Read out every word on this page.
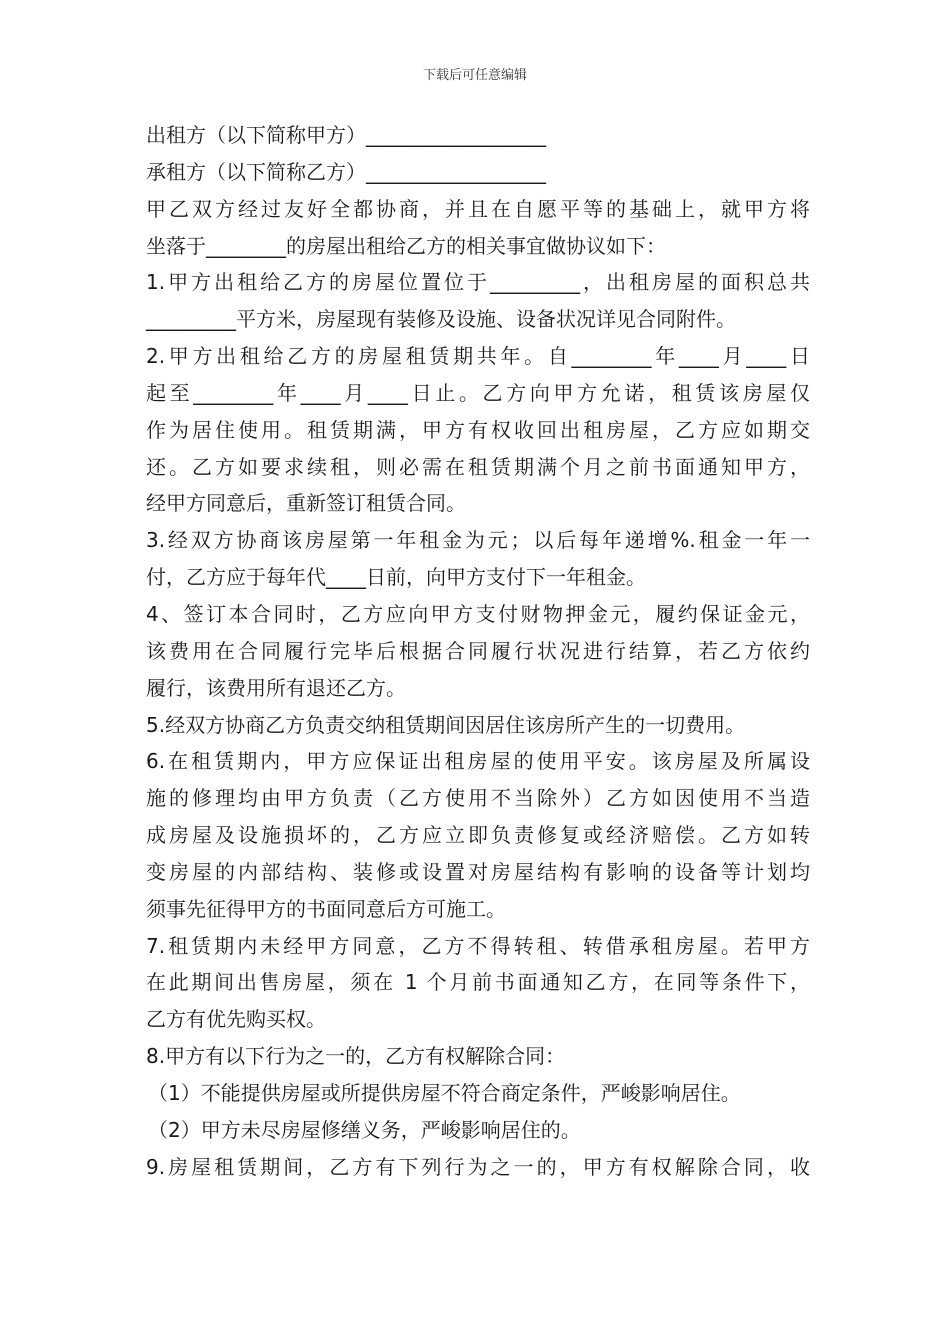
下载后可任意编辑
出租方（以下简称甲方）__________________
承租方（以下简称乙方）__________________
甲乙双方经过友好全都协商，并且在自愿平等的基础上，就甲方将
坐落于________的房屋出租给乙方的相关事宜做协议如下：
1.甲方出租给乙方的房屋位置位于_________，出租房屋的面积总共
_________平方米，房屋现有装修及设施、设备状况详见合同附件。
2.甲方出租给乙方的房屋租赁期共年。自________年____月____日
起至________年____月____日止。乙方向甲方允诺，租赁该房屋仅
作为居住使用。租赁期满，甲方有权收回出租房屋，乙方应如期交
还。乙方如要求续租，则必需在租赁期满个月之前书面通知甲方，
经甲方同意后，重新签订租赁合同。
3.经双方协商该房屋第一年租金为元；以后每年递增%.租金一年一
付，乙方应于每年代____日前，向甲方支付下一年租金。
4、签订本合同时，乙方应向甲方支付财物押金元，履约保证金元，
该费用在合同履行完毕后根据合同履行状况进行结算，若乙方依约
履行，该费用所有退还乙方。
5.经双方协商乙方负责交纳租赁期间因居住该房所产生的一切费用。
6.在租赁期内，甲方应保证出租房屋的使用平安。该房屋及所属设
施的修理均由甲方负责（乙方使用不当除外）乙方如因使用不当造
成房屋及设施损坏的，乙方应立即负责修复或经济赔偿。乙方如转
变房屋的内部结构、装修或设置对房屋结构有影响的设备等计划均
须事先征得甲方的书面同意后方可施工。
7.租赁期内未经甲方同意，乙方不得转租、转借承租房屋。若甲方
在此期间出售房屋，须在 1 个月前书面通知乙方，在同等条件下，
乙方有优先购买权。
8.甲方有以下行为之一的，乙方有权解除合同：
（1）不能提供房屋或所提供房屋不符合商定条件，严峻影响居住。
（2）甲方未尽房屋修缮义务，严峻影响居住的。
9.房屋租赁期间，乙方有下列行为之一的，甲方有权解除合同，收
